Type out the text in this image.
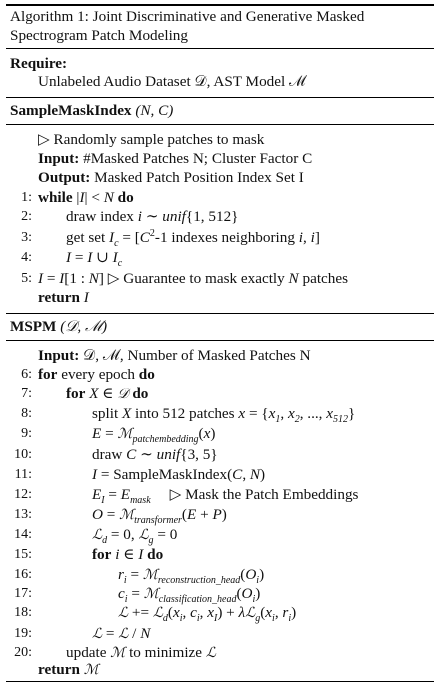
Algorithm 1: Joint Discriminative and Generative Masked
Spectrogram Patch Modeling
Require:
Unlabeled Audio Dataset 𝒟, AST Model ℳ
SampleMaskIndex (N, C)
▷ Randomly sample patches to mask
Input: #Masked Patches N; Cluster Factor C
Output: Masked Patch Position Index Set I
1: while |I| < N do
2: draw index i ∼ unif{1, 512}
3: get set $I_c = [C^2-1$ indexes neighboring i, i]
4: I = I ∪ $I_c$
5: I = I[1 : N] ▷ Guarantee to mask exactly N patches
return I
MSPM (𝒟, ℳ)
Input: 𝒟, ℳ, Number of Masked Patches N
6: for every epoch do
7: for X ∈ 𝒟 do
8:	split X into 512 patches $x = \{x_1$, $x_2$, ..., $x_{512}$}
9:	E = ℳ$_{patchembedding}$(x)
10:	draw C ∼ unif{3, 5}
11:	I = SampleMaskIndex(C, N)
12:	$E_I = E_{mask}$     ▷ Mask the Patch Embeddings
13:	O = ℳ$_{transformer}$(E + P)
14:	ℒ$_d$ = 0, ℒ$_g$ = 0
15:	for i ∈ I do
16:	$r_i$ = $ℳ_{reconstruction\_head}(O_i)$
17:	$c_i$ = $ℳ_{classification\_head}(O_i)$
18:	ℒ += $ℒ_d(x_i$, $c_i$, $x_I$) + $\lambda ℒ_g(x_i$, $r_i$)
19:	ℒ = ℒ / N
20: update ℳ to minimize ℒ
return ℳ
